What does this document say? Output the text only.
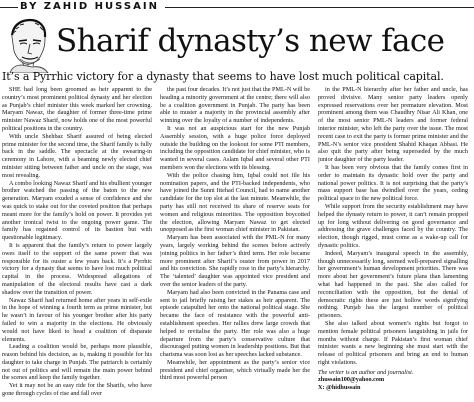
BY ZAHID HUSSAIN
Sharif dynasty’s new face

It’s a Pyrrhic victory for a dynasty that seems to have lost much political capital.

SHE had long been groomed as heir apparent to the country’s most prominent political dynasty and her election as Punjab’s chief minister this week marked her crowning. Maryam Nawaz, the daughter of former three-time prime minister Nawaz Sharif, now holds one of the most powerful political positions in the country.

With uncle Shehbaz Sharif assured of being elected prime minister for the second time, the Sharif family is fully back in the saddle. The spectacle at the swearing-in ceremony in Lahore, with a beaming newly elected chief minister sitting between father and uncle on the stage, was most revealing.

A combo looking Nawaz Sharif and his ebullient younger brother watched the passing of the baton to the new generation. Maryam exuded a sense of confidence and she was quick to stake out for the coveted position that perhaps meant more for the family’s hold on power. It provides yet another ironical twist to the ongoing power game. The family has regained control of its bastion but with questionable legitimacy.

It is apparent that the family’s return to power largely owes itself to the support of the same power that was responsible for its ouster a few years back. It’s a Pyrrhic victory for a dynasty that seems to have lost much political capital in the process. Widespread allegations of manipulation of the electoral results have cast a dark shadow over the transition of power.

Nawaz Sharif had returned home after years in self-exile in the hope of winning a fourth term as prime minister, but he wasn’t in favour of his younger brother after his party failed to win a majority in the elections. He obviously would not have liked to head a coalition of disparate elements.

Leading a coalition would be, perhaps more plausible, reason behind his decision, as is, making it possible for his daughter to take charge in Punjab. The patriarch is certainly not out of politics and will remain the main power behind the scenes and keep the family together.

Yet it may not be an easy ride for the Sharifs, who have gone through cycles of rise and fall over

the past four decades. It’s not just that the PML-N will be heading a minority government at the centre; there will also be a coalition government in Punjab. The party has been able to muster a majority in the provincial assembly after winning over the loyalty of a number of independents.

It was not an auspicious start for the new Punjab Assembly session, with a huge police force deployed outside the building on the lookout for some PTI members, including the opposition candidate for chief minister, who is wanted in several cases. Aslam Iqbal and several other PTI members won the elections with its blessing.

With the police chasing him, Iqbal could not file his nomination papers, and the PTI-backed independents, who have joined the Sunni Ittehad Council, had to name another candidate for the top slot at the last minute. Meanwhile, the party has still not received its share of reserve seats for women and religious minorities. The opposition boycotted the election, allowing Maryam Nawaz to get elected unopposed as the first woman chief minister in Pakistan.

Maryam has been associated with the PML-N for many years, largely working behind the scenes before actively joining politics in her father’s third term. Her role became more prominent after Sharif’s ouster from power in 2017 and his conviction. She rapidly rose in the party’s hierarchy. The ‘talented’ daughter was appointed vice president and over the senior leaders of the party.

Maryam had also been convicted in the Panama case and sent to jail briefly raising her stakes as heir apparent. The episode catapulted her onto the national political stage. She became the face of resistance with the powerful anti-establishment speeches. Her rallies drew large crowds that helped to revitalise the party. Her role was also a huge departure from the party’s conservative culture that discouraged putting women in leadership positions. But that charisma was soon lost as her speeches lacked substance.

Meanwhile, her appointment as the party’s senior vice president and chief organiser, which virtually made her the third most powerful person

in the PML-N hierarchy after her father and uncle, has proved divisive. Many senior party leaders openly expressed reservations over her premature elevation. Most prominent among them was Chaudhry Nisar Ali Khan, one of the most senior PML-N leaders and former federal interior minister, who left the party over the issue. The most recent case to exit the party is former prime minister and the PML-N’s senior vice president Shahid Khaqan Abbasi. He also quit the party after being superseded by the much junior daughter of the party leader.

It has been very obvious that the family comes first in order to maintain its dynastic hold over the party and national power politics. It is not surprising that the party’s mass support base has dwindled over the years, ceding political space to the new political force.

While support from the security establishment may have helped the dynasty return to power, it can’t remain propped up for long without delivering on good governance and addressing the grave challenges faced by the country. The election, though rigged, must come as a wake-up call for dynastic politics.

Indeed, Maryam’s inaugural speech in the assembly, though unnecessarily long, seemed well-prepared signalling her government’s human development priorities. There was more about her government’s future plans than lamenting what had happened in the past. She also called for reconciliation with the opposition, but the denial of democratic rights these are just hollow words signifying nothing. Punjab has the largest number of political prisoners.

She also talked about women’s rights but forgot to mention female political prisoners languishing in jails for months without charge. If Pakistan’s first woman chief minister wants a new beginning she must start with the release of political prisoners and bring an end to human right violations.

The writer is an author and journalist.
zhussain100@yahoo.com
X: @hidhussain
